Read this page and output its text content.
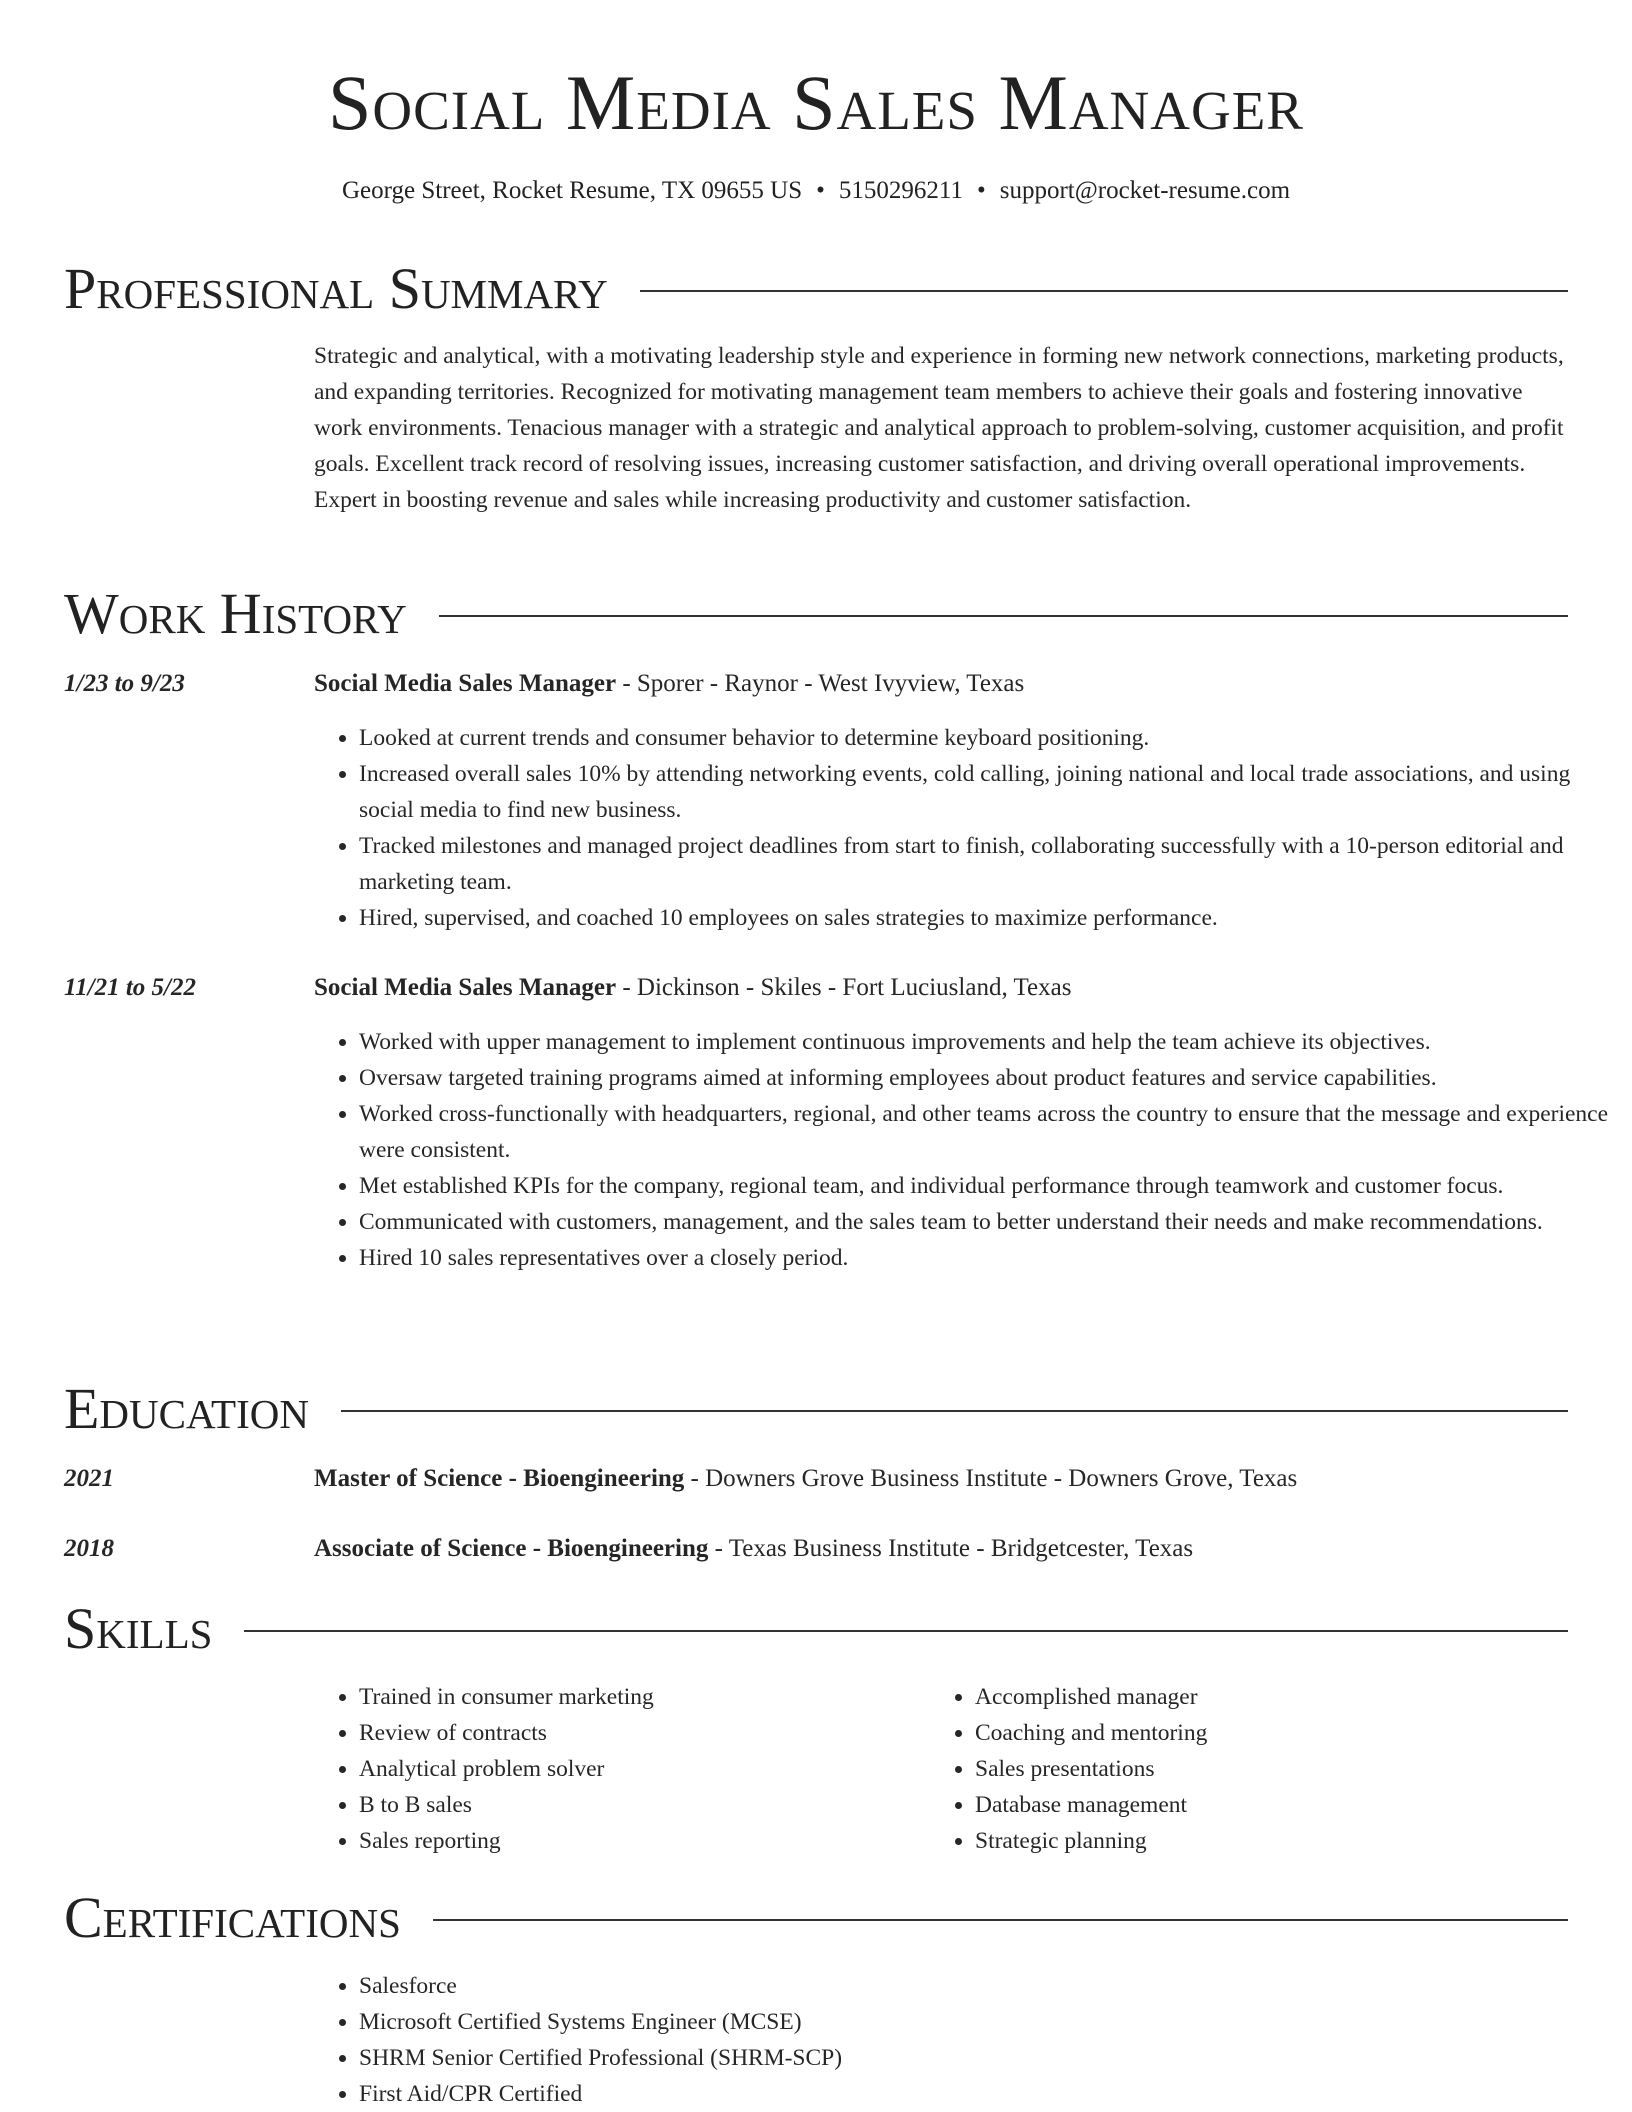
Social Media Sales Manager
George Street, Rocket Resume, TX 09655 US • 5150296211 • support@rocket-resume.com
Professional Summary

Strategic and analytical, with a motivating leadership style and experience in forming new network connections, marketing products, and expanding territories. Recognized for motivating management team members to achieve their goals and fostering innovative work environments. Tenacious manager with a strategic and analytical approach to problem-solving, customer acquisition, and profit goals. Excellent track record of resolving issues, increasing customer satisfaction, and driving overall operational improvements. Expert in boosting revenue and sales while increasing productivity and customer satisfaction.

Work History
1/23 to 9/23	Social Media Sales Manager - Sporer - Raynor - West Ivyview, Texas
• Looked at current trends and consumer behavior to determine keyboard positioning.
• Increased overall sales 10% by attending networking events, cold calling, joining national and local trade associations, and using social media to find new business.
• Tracked milestones and managed project deadlines from start to finish, collaborating successfully with a 10-person editorial and marketing team.
• Hired, supervised, and coached 10 employees on sales strategies to maximize performance.
11/21 to 5/22	Social Media Sales Manager - Dickinson - Skiles - Fort Luciusland, Texas
• Worked with upper management to implement continuous improvements and help the team achieve its objectives.
• Oversaw targeted training programs aimed at informing employees about product features and service capabilities.
• Worked cross-functionally with headquarters, regional, and other teams across the country to ensure that the message and experience were consistent.
• Met established KPIs for the company, regional team, and individual performance through teamwork and customer focus.
• Communicated with customers, management, and the sales team to better understand their needs and make recommendations.
• Hired 10 sales representatives over a closely period.
Education
2021	Master of Science - Bioengineering - Downers Grove Business Institute - Downers Grove, Texas
2018	Associate of Science - Bioengineering - Texas Business Institute - Bridgetcester, Texas
Skills
• Trained in consumer marketing
• Review of contracts
• Analytical problem solver
• B to B sales
• Sales reporting
• Accomplished manager
• Coaching and mentoring
• Sales presentations
• Database management
• Strategic planning
Certifications
• Salesforce
• Microsoft Certified Systems Engineer (MCSE)
• SHRM Senior Certified Professional (SHRM-SCP)
• First Aid/CPR Certified
